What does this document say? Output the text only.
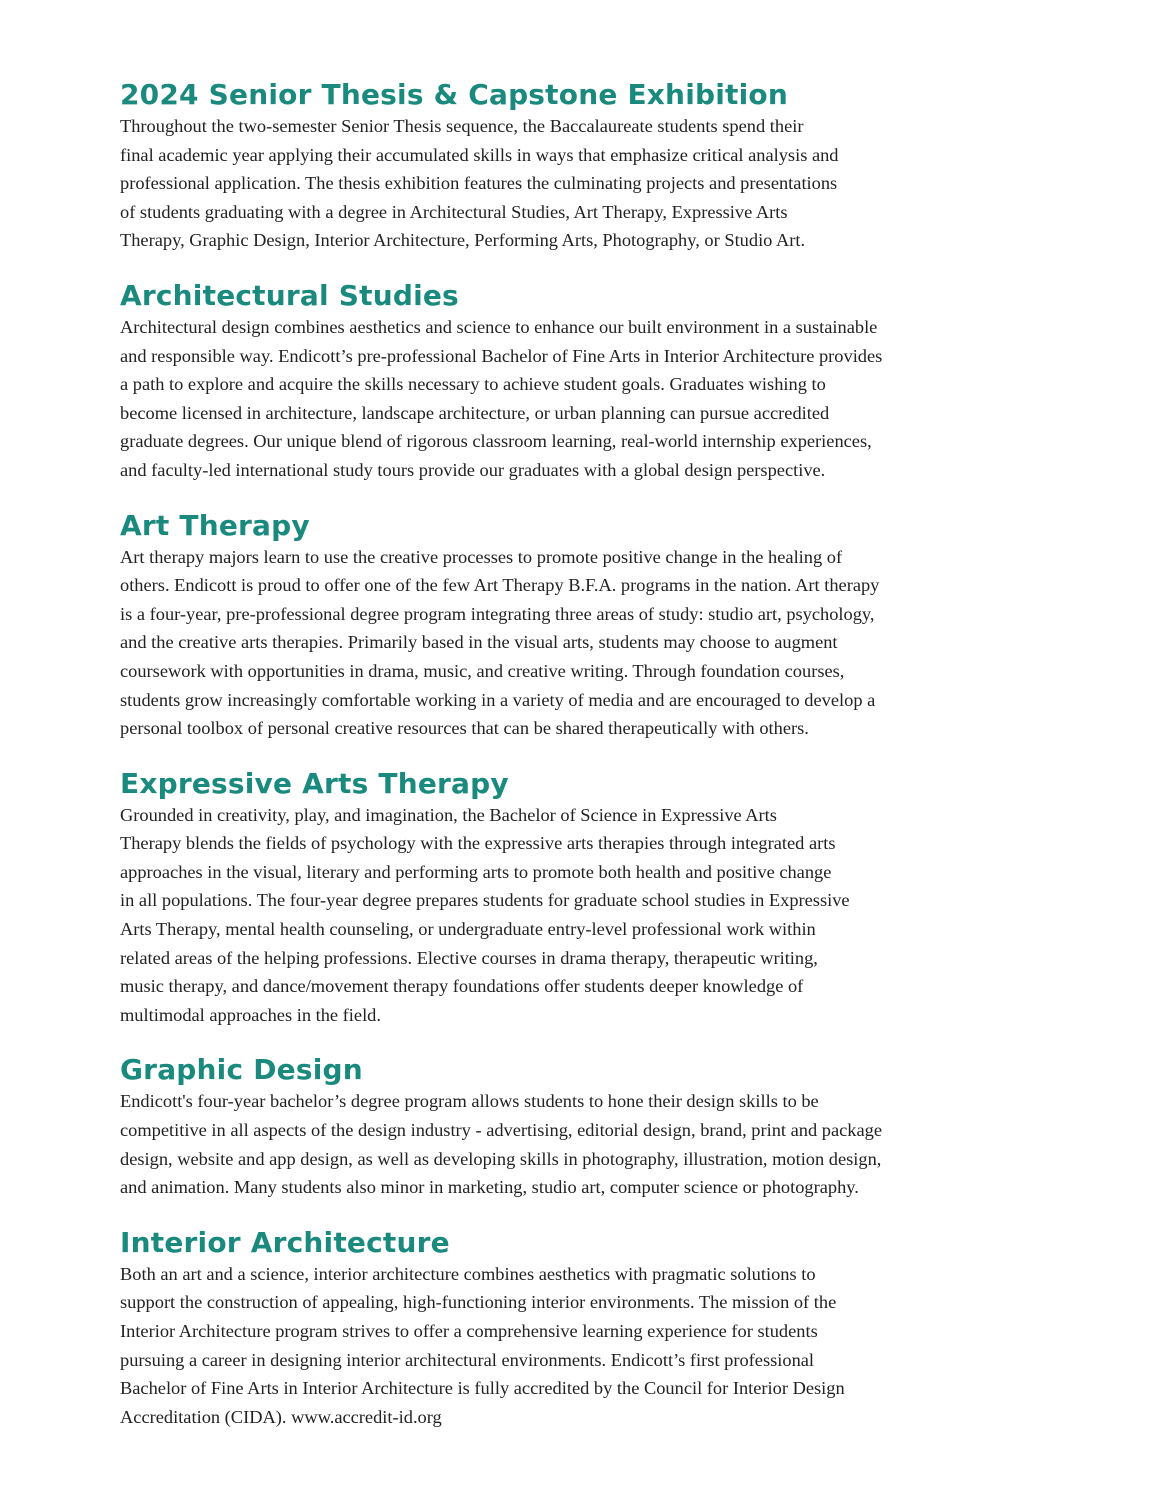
2024 Senior Thesis & Capstone Exhibition

Throughout the two-semester Senior Thesis sequence, the Baccalaureate students spend their
final academic year applying their accumulated skills in ways that emphasize critical analysis and
professional application. The thesis exhibition features the culminating projects and presentations
of students graduating with a degree in Architectural Studies, Art Therapy, Expressive Arts
Therapy, Graphic Design, Interior Architecture, Performing Arts, Photography, or Studio Art.

Architectural Studies

Architectural design combines aesthetics and science to enhance our built environment in a sustainable
and responsible way. Endicott’s pre-professional Bachelor of Fine Arts in Interior Architecture provides
a path to explore and acquire the skills necessary to achieve student goals. Graduates wishing to
become licensed in architecture, landscape architecture, or urban planning can pursue accredited
graduate degrees. Our unique blend of rigorous classroom learning, real-world internship experiences,
and faculty-led international study tours provide our graduates with a global design perspective.

Art Therapy

Art therapy majors learn to use the creative processes to promote positive change in the healing of
others. Endicott is proud to offer one of the few Art Therapy B.F.A. programs in the nation. Art therapy
is a four-year, pre-professional degree program integrating three areas of study: studio art, psychology,
and the creative arts therapies. Primarily based in the visual arts, students may choose to augment
coursework with opportunities in drama, music, and creative writing. Through foundation courses,
students grow increasingly comfortable working in a variety of media and are encouraged to develop a
personal toolbox of personal creative resources that can be shared therapeutically with others.

Expressive Arts Therapy

Grounded in creativity, play, and imagination, the Bachelor of Science in Expressive Arts
Therapy blends the fields of psychology with the expressive arts therapies through integrated arts
approaches in the visual, literary and performing arts to promote both health and positive change
in all populations. The four-year degree prepares students for graduate school studies in Expressive
Arts Therapy, mental health counseling, or undergraduate entry-level professional work within
related areas of the helping professions. Elective courses in drama therapy, therapeutic writing,
music therapy, and dance/movement therapy foundations offer students deeper knowledge of
multimodal approaches in the field.

Graphic Design

Endicott's four-year bachelor’s degree program allows students to hone their design skills to be
competitive in all aspects of the design industry - advertising, editorial design, brand, print and package
design, website and app design, as well as developing skills in photography, illustration, motion design,
and animation. Many students also minor in marketing, studio art, computer science or photography.

Interior Architecture

Both an art and a science, interior architecture combines aesthetics with pragmatic solutions to
support the construction of appealing, high-functioning interior environments. The mission of the
Interior Architecture program strives to offer a comprehensive learning experience for students
pursuing a career in designing interior architectural environments. Endicott’s first professional
Bachelor of Fine Arts in Interior Architecture is fully accredited by the Council for Interior Design
Accreditation (CIDA). www.accredit-id.org
